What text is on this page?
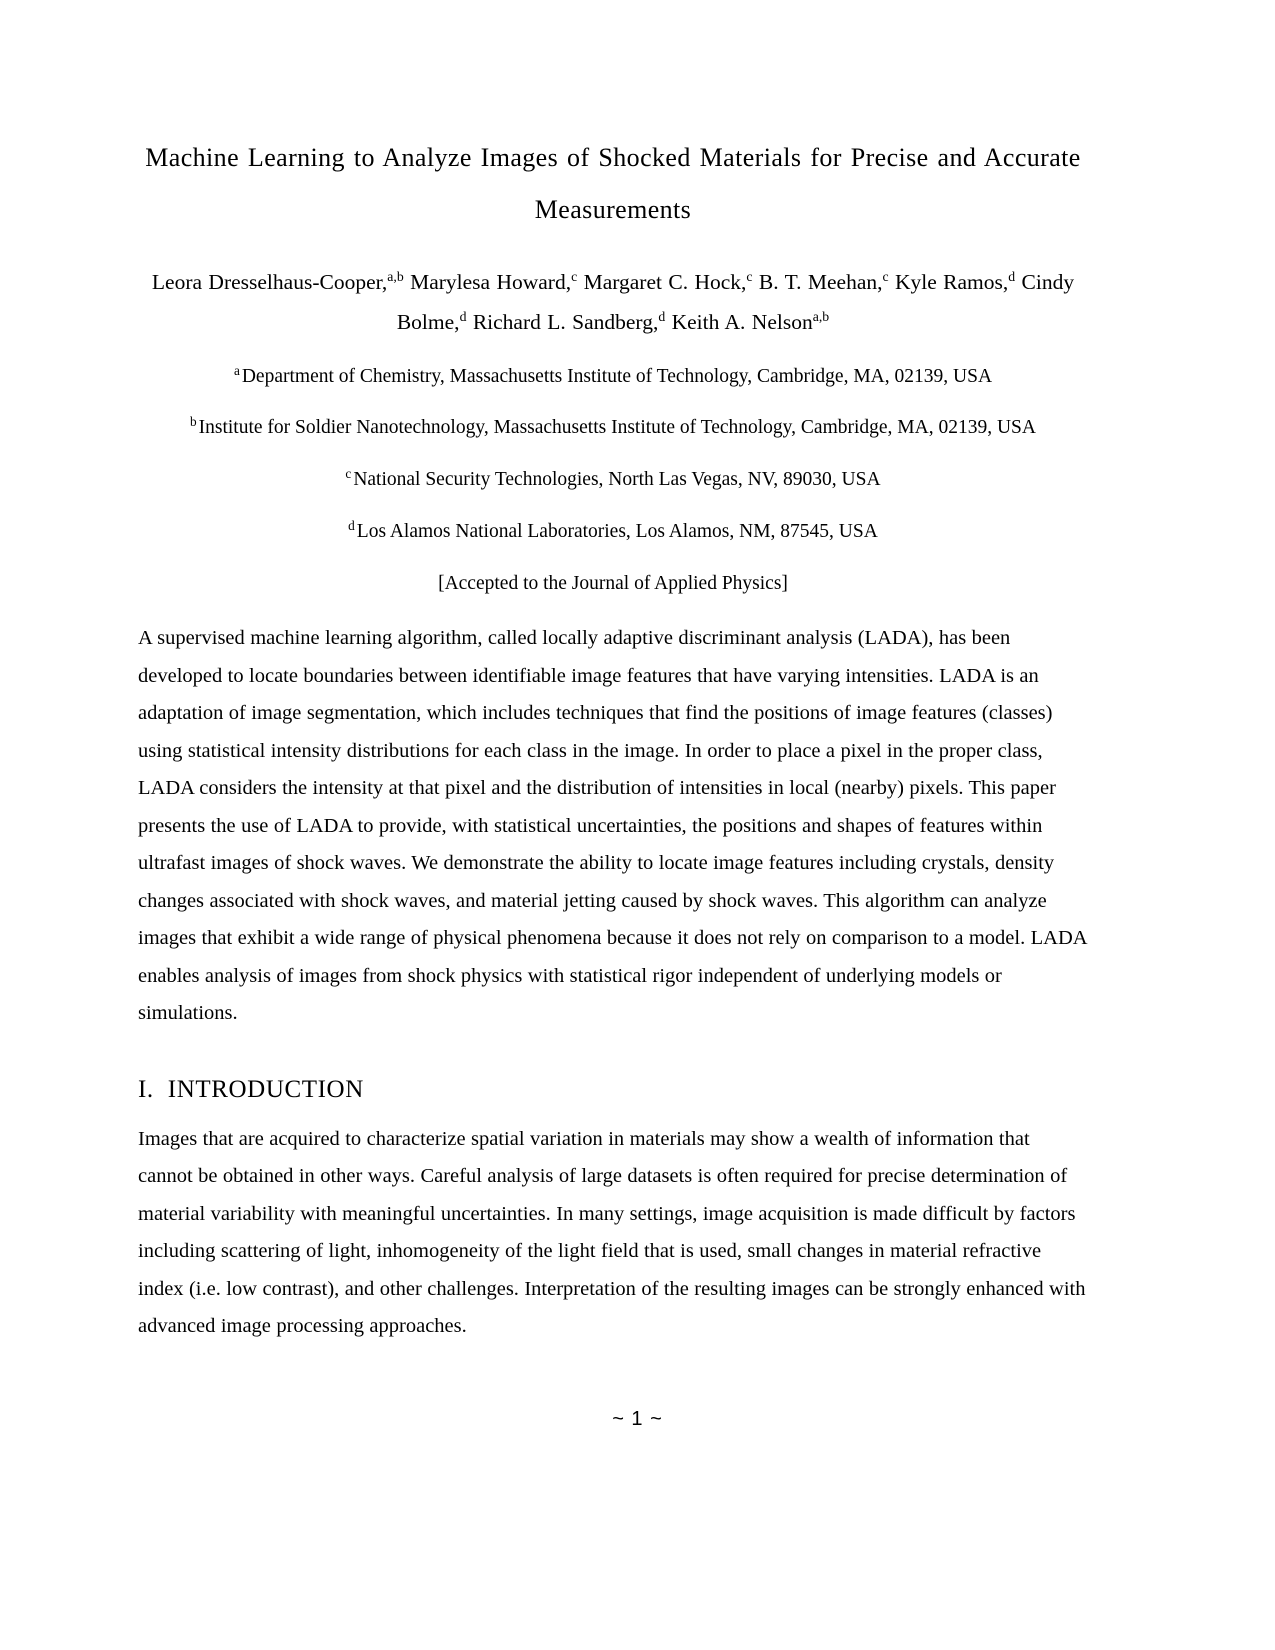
Machine Learning to Analyze Images of Shocked Materials for Precise and Accurate Measurements

Leora Dresselhaus-Cooper,$^{a,b}$ Marylesa Howard,$^c$ Margaret C. Hock,$^c$ B. T. Meehan,$^c$ Kyle Ramos,$^d$ Cindy Bolme,$^d$ Richard L. Sandberg,$^d$ Keith A. Nelson$^{a,b}$

$^a$ Department of Chemistry, Massachusetts Institute of Technology, Cambridge, MA, 02139, USA

$^b$ Institute for Soldier Nanotechnology, Massachusetts Institute of Technology, Cambridge, MA, 02139, USA

$^c$ National Security Technologies, North Las Vegas, NV, 89030, USA

$^d$ Los Alamos National Laboratories, Los Alamos, NM, 87545, USA

[Accepted to the Journal of Applied Physics]

A supervised machine learning algorithm, called locally adaptive discriminant analysis (LADA), has been developed to locate boundaries between identifiable image features that have varying intensities. LADA is an adaptation of image segmentation, which includes techniques that find the positions of image features (classes) using statistical intensity distributions for each class in the image. In order to place a pixel in the proper class, LADA considers the intensity at that pixel and the distribution of intensities in local (nearby) pixels. This paper presents the use of LADA to provide, with statistical uncertainties, the positions and shapes of features within ultrafast images of shock waves. We demonstrate the ability to locate image features including crystals, density changes associated with shock waves, and material jetting caused by shock waves. This algorithm can analyze images that exhibit a wide range of physical phenomena because it does not rely on comparison to a model. LADA enables analysis of images from shock physics with statistical rigor independent of underlying models or simulations.

I. INTRODUCTION

Images that are acquired to characterize spatial variation in materials may show a wealth of information that cannot be obtained in other ways. Careful analysis of large datasets is often required for precise determination of material variability with meaningful uncertainties. In many settings, image acquisition is made difficult by factors including scattering of light, inhomogeneity of the light field that is used, small changes in material refractive index (i.e. low contrast), and other challenges. Interpretation of the resulting images can be strongly enhanced with advanced image processing approaches.

~ 1 ~
